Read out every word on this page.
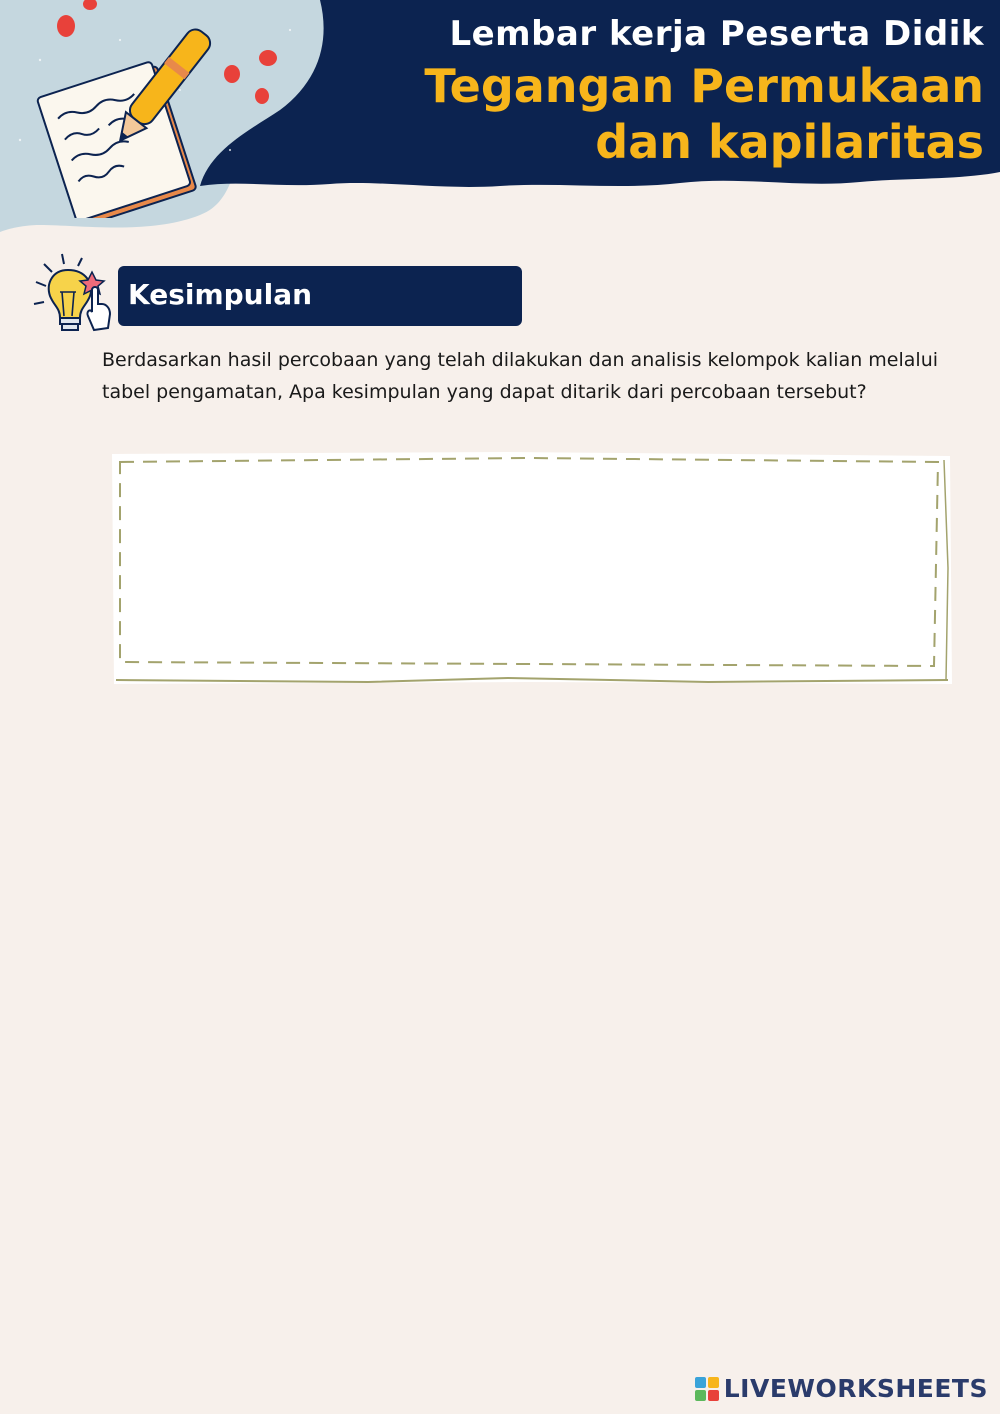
Lembar kerja Peserta Didik
Tegangan Permukaan
dan kapilaritas
Kesimpulan
Berdasarkan hasil percobaan yang telah dilakukan dan analisis kelompok kalian melalui tabel pengamatan, Apa kesimpulan yang dapat ditarik dari percobaan tersebut?
LIVEWORKSHEETS
